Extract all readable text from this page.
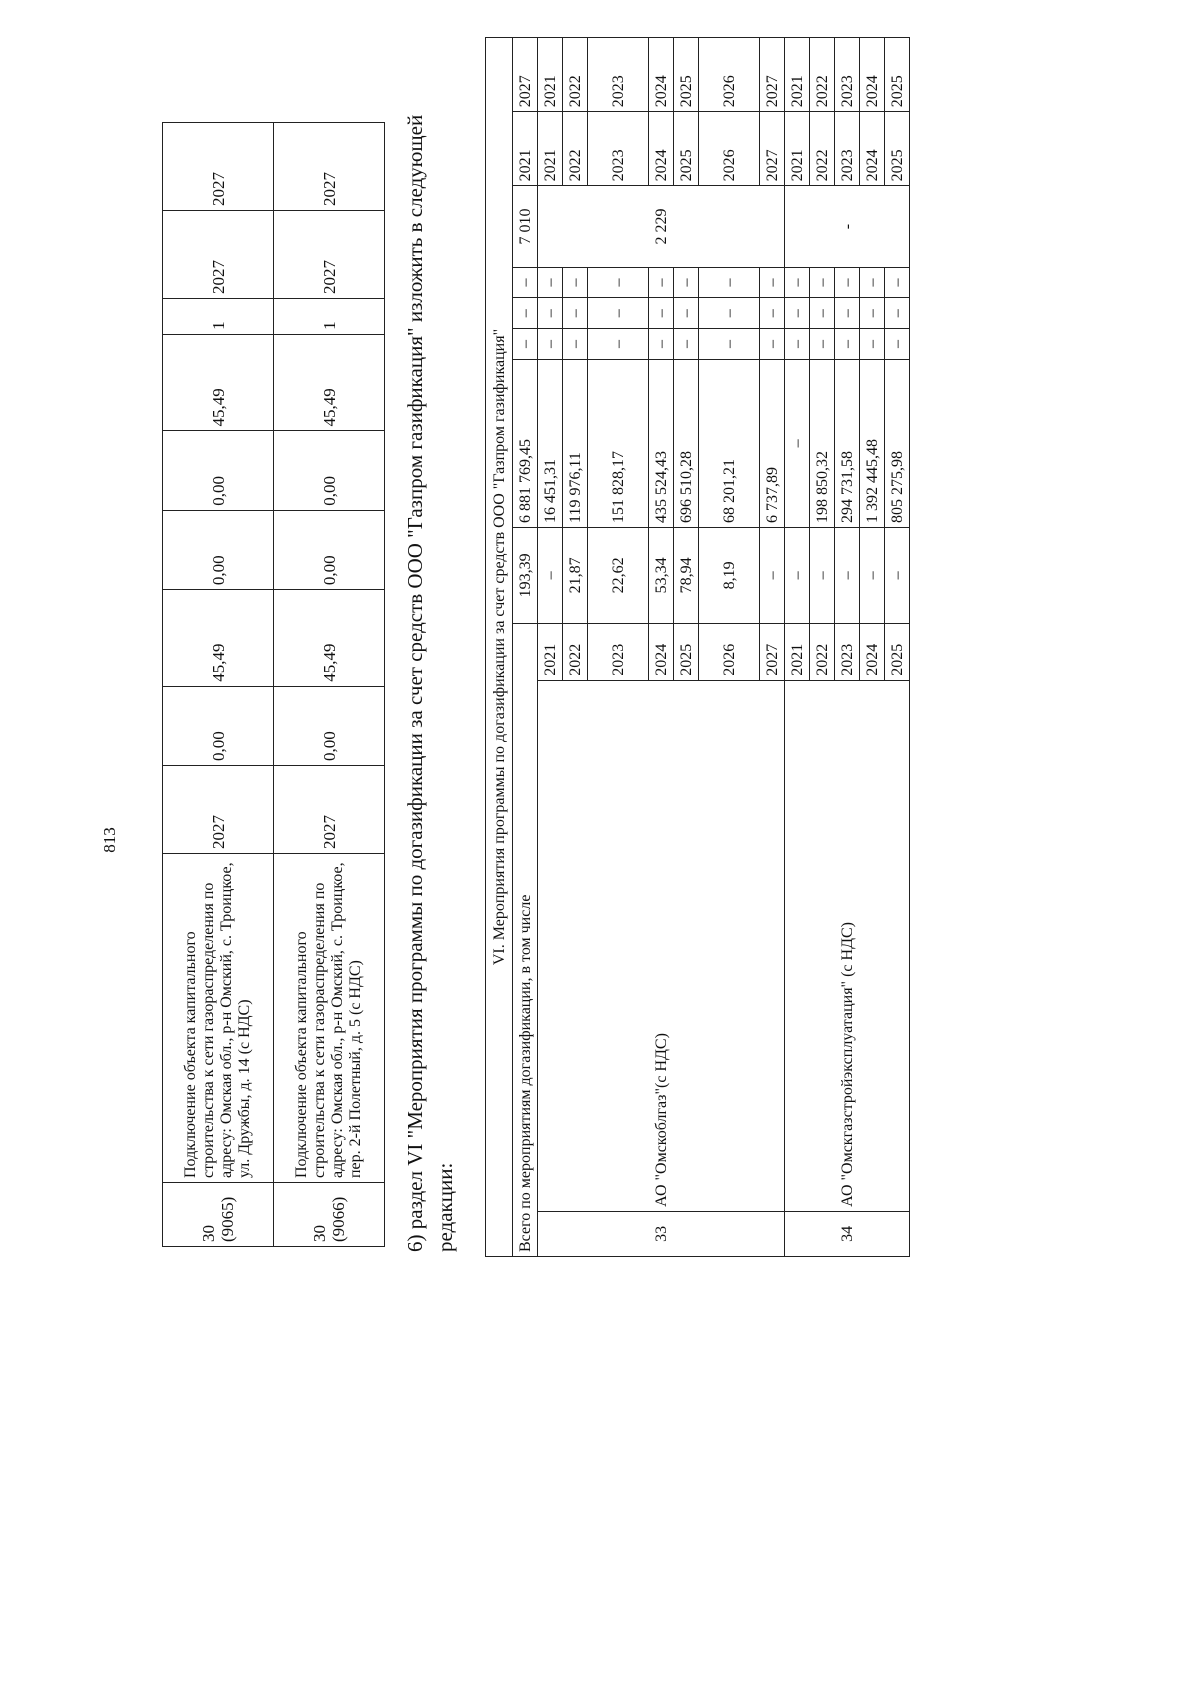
813
30 (9065)	Подключение объекта капитального строительства к сети газораспределения по адресу: Омская обл., р-н Омский, с. Троицкое, ул. Дружбы, д. 14 (с НДС)	2027	0,00	45,49	0,00	0,00	45,49	1	2027	2027
30 (9066)	Подключение объекта капитального строительства к сети газораспределения по адресу: Омская обл., р-н Омский, с. Троицкое, пер. 2-й Полетный, д. 5 (с НДС)	2027	0,00	45,49	0,00	0,00	45,49	1	2027	2027	6) раздел VI "Мероприятия программы по догазификации за счет средств ООО "Газпром газификация" изложить в следующей редакции:
VI. Мероприятия программы по догазификации за счет средств ООО "Газпром газификация"										
Всего по мероприятиям догазификации, в том числе			193,39	6 881 769,45	–	–	–	7 010	2021	2027
33	АО "Омскоблгаз"(с НДС)	2021	–	16 451,31	–	–	–	2 229	2021	2021
		2022	21,87	119 976,11	–	–	–		2022	2022
		2023	22,62	151 828,17	–	–	–		2023	2023
		2024	53,34	435 524,43	–	–	–		2024	2024
		2025	78,94	696 510,28	–	–	–		2025	2025
		2026	8,19	68 201,21	–	–	–		2026	2026
		2027	–	6 737,89	–	–	–		2027	2027
34	АО "Омскгазстройэксплуатация" (с НДС)	2021	–	–	–	–	–	-	2021	2021
		2022	–	198 850,32	–	–	–		2022	2022
		2023	–	294 731,58	–	–	–		2023	2023
		2024	–	1 392 445,48	–	–	–		2024	2024
		2025	–	805 275,98	–	–	–		2025	2025
